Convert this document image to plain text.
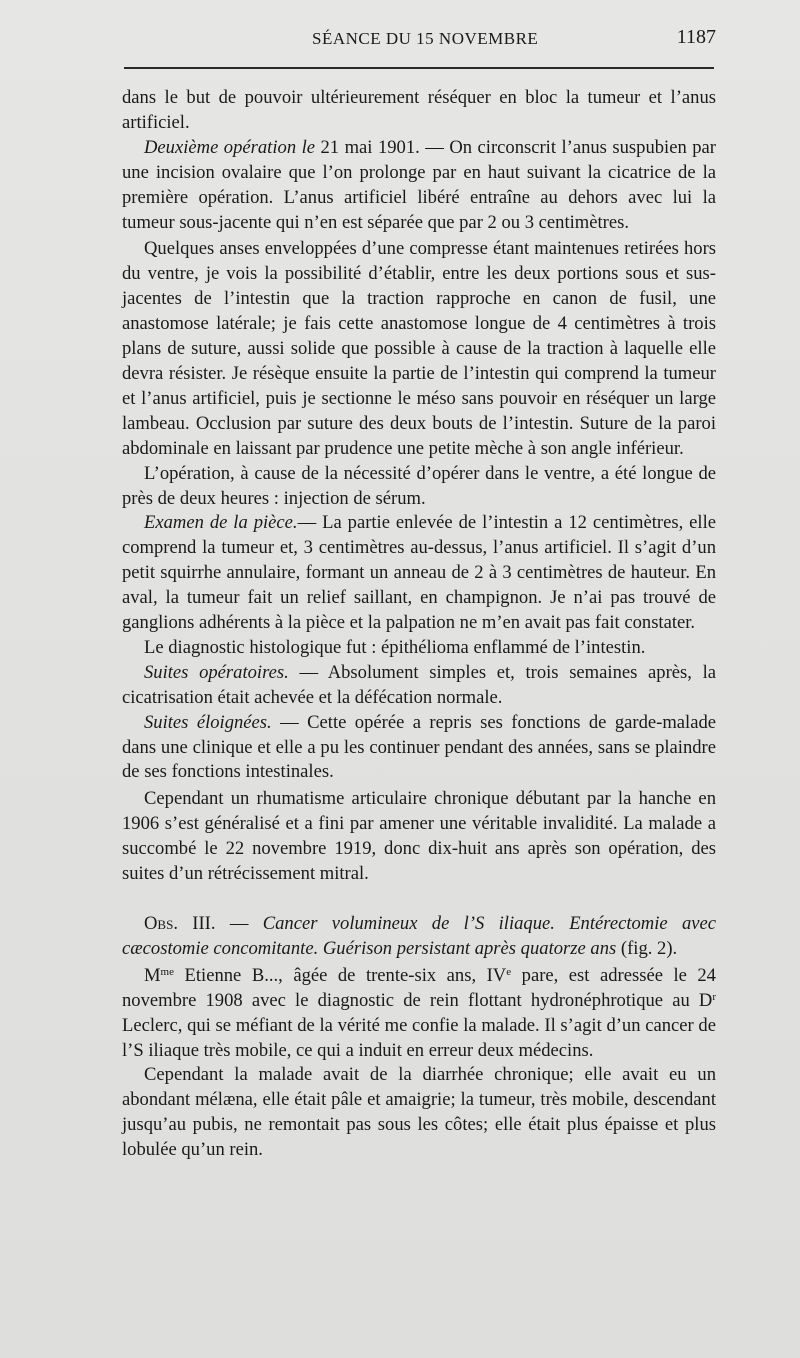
SÉANCE DU 15 NOVEMBRE	1187

dans le but de pouvoir ultérieurement réséquer en bloc la tumeur et l’anus artificiel.

Deuxième opération le 21 mai 1901. — On circonscrit l’anus suspubien par une incision ovalaire que l’on prolonge par en haut suivant la cicatrice de la première opération. L’anus artificiel libéré entraîne au dehors avec lui la tumeur sous-jacente qui n’en est séparée que par 2 ou 3 centimètres.

Quelques anses enveloppées d’une compresse étant maintenues retirées hors du ventre, je vois la possibilité d’établir, entre les deux portions sous et sus-jacentes de l’intestin que la traction rapproche en canon de fusil, une anastomose latérale; je fais cette anastomose longue de 4 centimètres à trois plans de suture, aussi solide que possible à cause de la traction à laquelle elle devra résister. Je résèque ensuite la partie de l’intestin qui comprend la tumeur et l’anus artificiel, puis je sectionne le méso sans pouvoir en réséquer un large lambeau. Occlusion par suture des deux bouts de l’intestin. Suture de la paroi abdominale en laissant par prudence une petite mèche à son angle inférieur.

L’opération, à cause de la nécessité d’opérer dans le ventre, a été longue de près de deux heures : injection de sérum.

Examen de la pièce.— La partie enlevée de l’intestin a 12 centimètres, elle comprend la tumeur et, 3 centimètres au-dessus, l’anus artificiel. Il s’agit d’un petit squirrhe annulaire, formant un anneau de 2 à 3 centimètres de hauteur. En aval, la tumeur fait un relief saillant, en champignon. Je n’ai pas trouvé de ganglions adhérents à la pièce et la palpation ne m’en avait pas fait constater.

Le diagnostic histologique fut : épithélioma enflammé de l’intestin.

Suites opératoires. — Absolument simples et, trois semaines après, la cicatrisation était achevée et la défécation normale.

Suites éloignées. — Cette opérée a repris ses fonctions de garde-malade dans une clinique et elle a pu les continuer pendant des années, sans se plaindre de ses fonctions intestinales.

Cependant un rhumatisme articulaire chronique débutant par la hanche en 1906 s’est généralisé et a fini par amener une véritable invalidité. La malade a succombé le 22 novembre 1919, donc dix-huit ans après son opération, des suites d’un rétrécissement mitral.

Obs. III. — Cancer volumineux de l’S iliaque. Entérectomie avec cæcostomie concomitante. Guérison persistant après quatorze ans (fig. 2).

$M^{me}$ Etienne B..., âgée de trente-six ans, IVe pare, est adressée le 24 novembre 1908 avec le diagnostic de rein flottant hydronéphrotique au $D^r$ Leclerc, qui se méfiant de la vérité me confie la malade. Il s’agit d’un cancer de l’S iliaque très mobile, ce qui a induit en erreur deux médecins.

Cependant la malade avait de la diarrhée chronique; elle avait eu un abondant mélæna, elle était pâle et amaigrie; la tumeur, très mobile, descendant jusqu’au pubis, ne remontait pas sous les côtes; elle était plus épaisse et plus lobulée qu’un rein.
